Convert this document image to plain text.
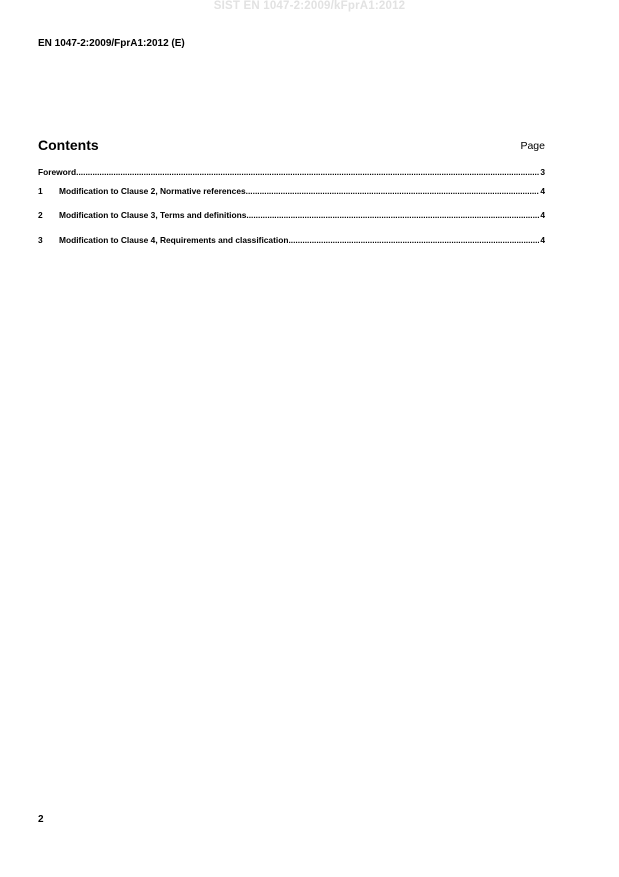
SIST EN 1047-2:2009/kFprA1:2012
EN 1047-2:2009/FprA1:2012 (E)
Contents	Page
Foreword .....	3
1	Modification to Clause 2, Normative references .....	4
2	Modification to Clause 3, Terms and definitions .....	4
3	Modification to Clause 4, Requirements and classification .....	4
2
